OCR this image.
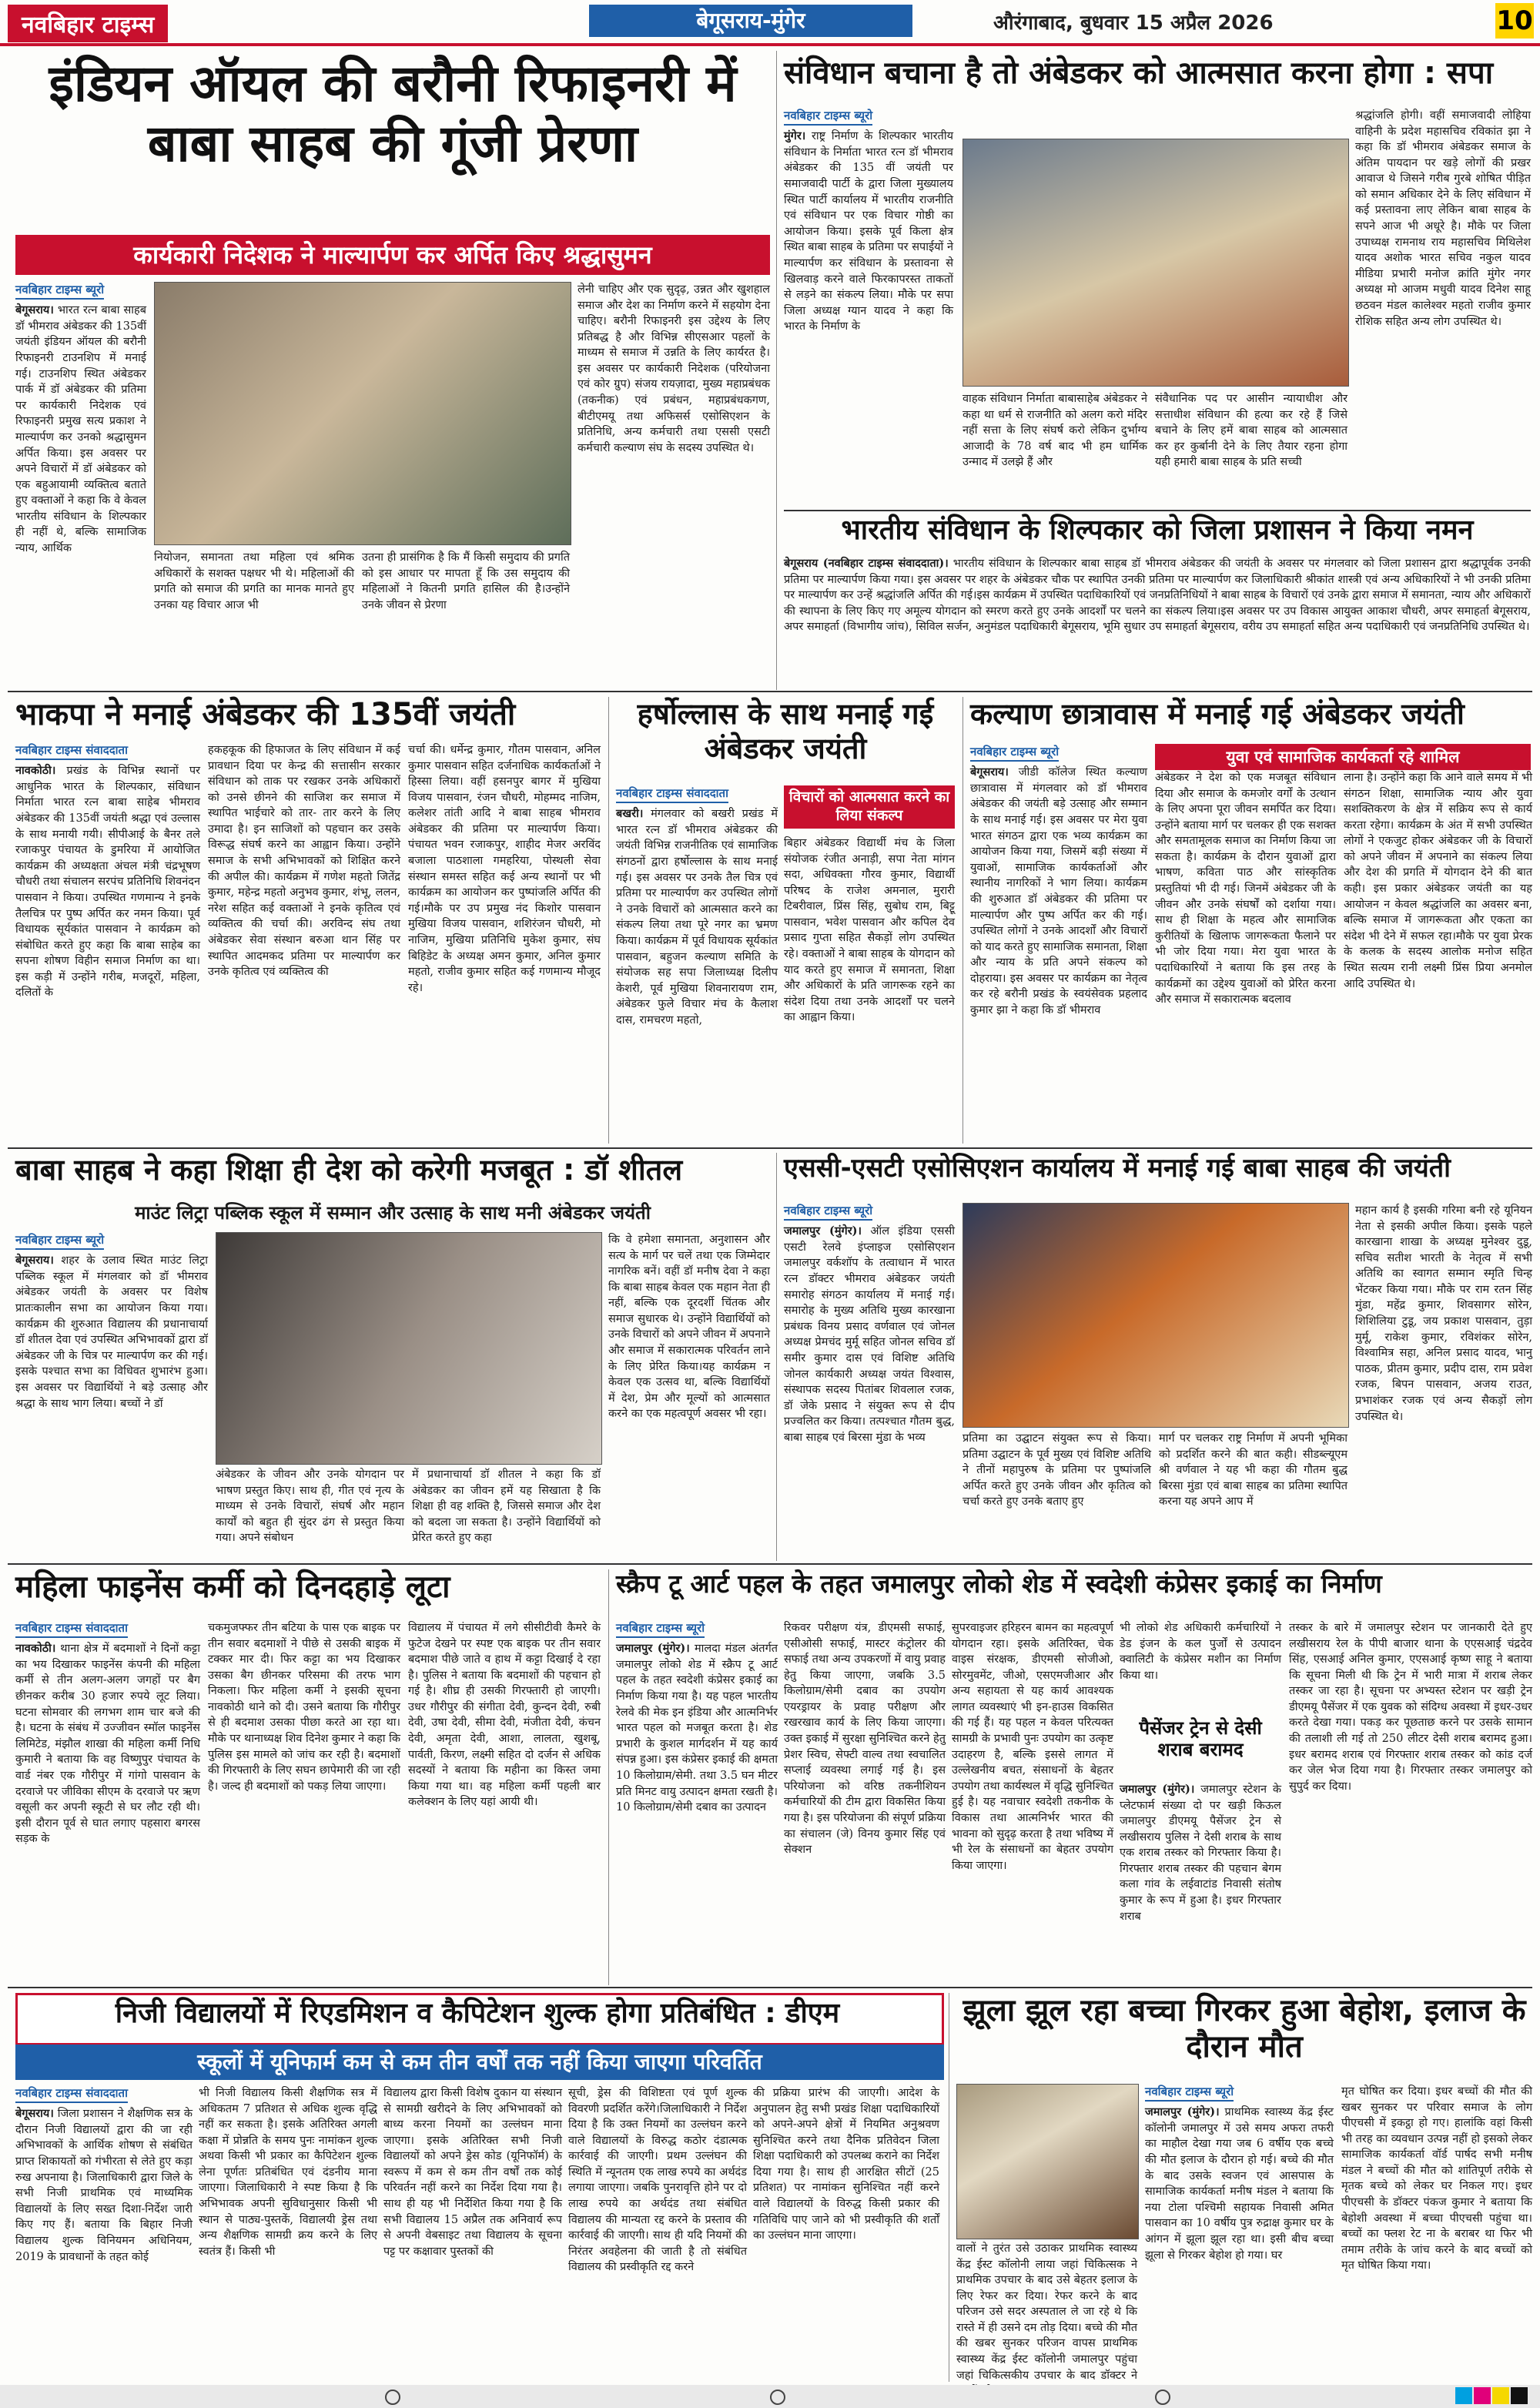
नवबिहार टाइम्स	बेगूसराय-मुंगेर	औरंगाबाद, बुधवार 15 अप्रैल 2026	10
इंडियन ऑयल की बरौनी रिफाइनरी में बाबा साहब की गूंजी प्रेरणा
कार्यकारी निदेशक ने माल्यार्पण कर अर्पित किए श्रद्धासुमन
नवबिहार टाइम्स ब्यूरो
बेगूसराय। भारत रत्न बाबा साहब डॉ भीमराव अंबेडकर की 135वीं जयंती इंडियन ऑयल की बरौनी रिफाइनरी टाउनशिप में मनाई गई। टाउनशिप स्थित अंबेडकर पार्क में डॉ अंबेडकर की प्रतिमा पर कार्यकारी निदेशक एवं रिफाइनरी प्रमुख सत्य प्रकाश ने माल्यार्पण कर उनको श्रद्धासुमन अर्पित किया। इस अवसर पर अपने विचारों में डॉ अंबेडकर को एक बहुआयामी व्यक्तित्व बताते हुए वक्ताओं ने कहा कि वे केवल भारतीय संविधान के शिल्पकार ही नहीं थे, बल्कि सामाजिक न्याय, आर्थिक
नियोजन, समानता तथा महिला एवं श्रमिक अधिकारों के सशक्त पक्षधर भी थे। महिलाओं की प्रगति को समाज की प्रगति का मानक मानते हुए उनका यह विचार आज भी
उतना ही प्रासंगिक है कि मैं किसी समुदाय की प्रगति को इस आधार पर मापता हूँ कि उस समुदाय की महिलाओं ने कितनी प्रगति हासिल की है।उन्होंने उनके जीवन से प्रेरणा
लेनी चाहिए और एक सुदृढ़, उन्नत और खुशहाल समाज और देश का निर्माण करने में सहयोग देना चाहिए। बरौनी रिफाइनरी इस उद्देश्य के लिए प्रतिबद्ध है और विभिन्न सीएसआर पहलों के माध्यम से समाज में उन्नति के लिए कार्यरत है। इस अवसर पर कार्यकारी निदेशक (परियोजना एवं कोर ग्रुप) संजय रायज़ादा, मुख्य महाप्रबंधक (तकनीक) एवं प्रबंधन, महाप्रबंधकगण, बीटीएमयू तथा अफिसर्स एसोसिएशन के प्रतिनिधि, अन्य कर्मचारी तथा एससी एसटी कर्मचारी कल्याण संघ के सदस्य उपस्थित थे।
संविधान बचाना है तो अंबेडकर को आत्मसात करना होगा : सपा
नवबिहार टाइम्स ब्यूरो
मुंगेर। राष्ट्र निर्माण के शिल्पकार भारतीय संविधान के निर्माता भारत रत्न डॉ भीमराव अंबेडकर की 135 वीं जयंती पर समाजवादी पार्टी के द्वारा जिला मुख्यालय स्थित पार्टी कार्यालय में भारतीय राजनीति एवं संविधान पर एक विचार गोष्ठी का आयोजन किया। इसके पूर्व किला क्षेत्र स्थित बाबा साहब के प्रतिमा पर सपाईयों ने माल्यार्पण कर संविधान के प्रस्तावना से खिलवाड़ करने वाले फिरकापरस्त ताकतों से लड़ने का संकल्प लिया। मौके पर सपा जिला अध्यक्ष ग्यान यादव ने कहा कि भारत के निर्माण के
वाहक संविधान निर्माता बाबासाहेब अंबेडकर ने कहा था धर्म से राजनीति को अलग करो मंदिर नहीं सत्ता के लिए संघर्ष करो लेकिन दुर्भाग्य आजादी के 78 वर्ष बाद भी हम धार्मिक उन्माद में उलझे हैं और
संवैधानिक पद पर आसीन न्यायाधीश और सत्ताधीश संविधान की हत्या कर रहे हैं जिसे बचाने के लिए हमें बाबा साहब को आत्मसात कर हर कुर्बानी देने के लिए तैयार रहना होगा यही हमारी बाबा साहब के प्रति सच्ची
श्रद्धांजलि होगी। वहीं समाजवादी लोहिया वाहिनी के प्रदेश महासचिव रविकांत झा ने कहा कि डॉ भीमराव अंबेडकर समाज के अंतिम पायदान पर खड़े लोगों की प्रखर आवाज थे जिसने गरीब गुरबे शोषित पीड़ित को समान अधिकार देने के लिए संविधान में कई प्रस्तावना लाए लेकिन बाबा साहब के सपने आज भी अधूरे है। मौके पर जिला उपाध्यक्ष रामनाथ राय महासचिव मिथिलेश यादव अशोक भारत सचिव नकुल यादव मीडिया प्रभारी मनोज क्रांति मुंगेर नगर अध्यक्ष मो आजम मधुवी यादव दिनेश साहू छठवन मंडल कालेश्वर महतो राजीव कुमार रोशिक सहित अन्य लोग उपस्थित थे।
भारतीय संविधान के शिल्पकार को जिला प्रशासन ने किया नमन
बेगूसराय (नवबिहार टाइम्स संवाददाता)। भारतीय संविधान के शिल्पकार बाबा साहब डॉ भीमराव अंबेडकर की जयंती के अवसर पर मंगलवार को जिला प्रशासन द्वारा श्रद्धापूर्वक उनकी प्रतिमा पर माल्यार्पण किया गया। इस अवसर पर शहर के अंबेडकर चौक पर स्थापित उनकी प्रतिमा पर माल्यार्पण कर जिलाधिकारी श्रीकांत शास्त्री एवं अन्य अधिकारियों ने भी उनकी प्रतिमा पर माल्यार्पण कर उन्हें श्रद्धांजलि अर्पित की गई।इस कार्यक्रम में उपस्थित पदाधिकारियों एवं जनप्रतिनिधियों ने बाबा साहब के विचारों एवं उनके द्वारा समाज में समानता, न्याय और अधिकारों की स्थापना के लिए किए गए अमूल्य योगदान को स्मरण करते हुए उनके आदर्शों पर चलने का संकल्प लिया।इस अवसर पर उप विकास आयुक्त आकाश चौधरी, अपर समाहर्ता बेगूसराय, अपर समाहर्ता (विभागीय जांच), सिविल सर्जन, अनुमंडल पदाधिकारी बेगूसराय, भूमि सुधार उप समाहर्ता बेगूसराय, वरीय उप समाहर्ता सहित अन्य पदाधिकारी एवं जनप्रतिनिधि उपस्थित थे।
भाकपा ने मनाई अंबेडकर की 135वीं जयंती
नवबिहार टाइम्स संवाददाता
नावकोठी। प्रखंड के विभिन्न स्थानों पर आधुनिक भारत के शिल्पकार, संविधान निर्माता भारत रत्न बाबा साहेब भीमराव अंबेडकर की 135वीं जयंती श्रद्धा एवं उल्लास के साथ मनायी गयी। सीपीआई के बैनर तले रजाकपुर पंचायत के डुमरिया में आयोजित कार्यक्रम की अध्यक्षता अंचल मंत्री चंद्रभूषण चौधरी तथा संचालन सरपंच प्रतिनिधि शिवनंदन पासवान ने किया। उपस्थित गणमान्य ने इनके तैलचित्र पर पुष्प अर्पित कर नमन किया। पूर्व विधायक सूर्यकांत पासवान ने कार्यक्रम को संबोधित करते हुए कहा कि बाबा साहेब का सपना शोषण विहीन समाज निर्माण का था। इस कड़ी में उन्होंने गरीब, मजदूरों, महिला, दलितों के
हकहकूक की हिफाजत के लिए संविधान में कई प्रावधान दिया पर केन्द्र की सत्तासीन सरकार संविधान को ताक पर रखकर उनके अधिकारों को उनसे छीनने की साजिश कर समाज में स्थापित भाईचारे को तार- तार करने के लिए उमादा है। इन साजिशों को पहचान कर उसके विरूद्ध संघर्ष करने का आह्वान किया। उन्होंने समाज के सभी अभिभावकों को शिक्षित करने की अपील की। कार्यक्रम में गणेश महतो जितेंद्र कुमार, महेन्द्र महतो अनुभव कुमार, शंभू, ललन, नरेश सहित कई वक्ताओं ने इनके कृतित्व एवं व्यक्तित्व की चर्चा की। अरविन्द संघ तथा अंबेडकर सेवा संस्थान बरुआ थान सिंह पर स्थापित आदमकद प्रतिमा पर माल्यार्पण कर उनके कृतित्व एवं व्यक्तित्व की
चर्चा की। धर्मेन्द्र कुमार, गौतम पासवान, अनिल कुमार पासवान सहित दर्जनाधिक कार्यकर्ताओं ने हिस्सा लिया। वहीं हसनपुर बागर में मुखिया विजय पासवान, रंजन चौधरी, मोहम्मद नाजिम, कलेशर तांती आदि ने बाबा साहब भीमराव अंबेडकर की प्रतिमा पर माल्यार्पण किया। पंचायत भवन रजाकपुर, शाहीद मेजर अरविंद बजाला पाठशाला गमहरिया, पोस्थली सेवा संस्थान समस्त सहित कई अन्य स्थानों पर भी कार्यक्रम का आयोजन कर पुष्पांजलि अर्पित की गई।मौके पर उप प्रमुख नंद किशोर पासवान मुखिया विजय पासवान, शशिरंजन चौधरी, मो नाजिम, मुखिया प्रतिनिधि मुकेश कुमार, संघ बिहिडेट के अध्यक्ष अमन कुमार, अनिल कुमार महतो, राजीव कुमार सहित कई गणमान्य मौजूद रहे।
हर्षोल्लास के साथ मनाई गई अंबेडकर जयंती
नवबिहार टाइम्स संवाददाता
बखरी। मंगलवार को बखरी प्रखंड में भारत रत्न डॉ भीमराव अंबेडकर की जयंती विभिन्न राजनीतिक एवं सामाजिक संगठनों द्वारा हर्षोल्लास के साथ मनाई गई। इस अवसर पर उनके तैल चित्र एवं प्रतिमा पर माल्यार्पण कर उपस्थित लोगों ने उनके विचारों को आत्मसात करने का संकल्प लिया तथा पूरे नगर का भ्रमण किया। कार्यक्रम में पूर्व विधायक सूर्यकांत पासवान, बहुजन कल्याण समिति के संयोजक सह सपा जिलाध्यक्ष दिलीप केशरी, पूर्व मुखिया शिवनारायण राम, अंबेडकर फुले विचार मंच के कैलाश दास, रामचरण महतो,
विचारों को आत्मसात करने का लिया संकल्प
बिहार अंबेडकर विद्यार्थी मंच के जिला संयोजक रंजीत अनाड़ी, सपा नेता मांगन सदा, अधिवक्ता गौरव कुमार, विद्यार्थी परिषद के राजेश अमनाल, मुरारी टिबरीवाल, प्रिंस सिंह, सुबोध राम, बिट्टू पासवान, भवेश पासवान और कपिल देव प्रसाद गुप्ता सहित सैकड़ों लोग उपस्थित रहे। वक्ताओं ने बाबा साहब के योगदान को याद करते हुए समाज में समानता, शिक्षा और अधिकारों के प्रति जागरूक रहने का संदेश दिया तथा उनके आदर्शों पर चलने का आह्वान किया।
कल्याण छात्रावास में मनाई गई अंबेडकर जयंती
युवा एवं सामाजिक कार्यकर्ता रहे शामिल
नवबिहार टाइम्स ब्यूरो
बेगूसराय। जीडी कॉलेज स्थित कल्याण छात्रावास में मंगलवार को डॉ भीमराव अंबेडकर की जयंती बड़े उत्साह और सम्मान के साथ मनाई गई। इस अवसर पर मेरा युवा भारत संगठन द्वारा एक भव्य कार्यक्रम का आयोजन किया गया, जिसमें बड़ी संख्या में युवाओं, सामाजिक कार्यकर्ताओं और स्थानीय नागरिकों ने भाग लिया। कार्यक्रम की शुरुआत डॉ अंबेडकर की प्रतिमा पर माल्यार्पण और पुष्प अर्पित कर की गई। उपस्थित लोगों ने उनके आदर्शों और विचारों को याद करते हुए सामाजिक समानता, शिक्षा और न्याय के प्रति अपने संकल्प को दोहराया। इस अवसर पर कार्यक्रम का नेतृत्व कर रहे बरौनी प्रखंड के स्वयंसेवक प्रहलाद कुमार झा ने कहा कि डॉ भीमराव
अंबेडकर ने देश को एक मजबूत संविधान दिया और समाज के कमजोर वर्गों के उत्थान के लिए अपना पूरा जीवन समर्पित कर दिया। उन्होंने बताया मार्ग पर चलकर ही एक सशक्त और समतामूलक समाज का निर्माण किया जा सकता है। कार्यक्रम के दौरान युवाओं द्वारा भाषण, कविता पाठ और सांस्कृतिक प्रस्तुतियां भी दी गई। जिनमें अंबेडकर जी के जीवन और उनके संघर्षों को दर्शाया गया। साथ ही शिक्षा के महत्व और सामाजिक कुरीतियों के खिलाफ जागरूकता फैलाने पर भी जोर दिया गया। मेरा युवा भारत के पदाधिकारियों ने बताया कि इस तरह के कार्यक्रमों का उद्देश्य युवाओं को प्रेरित करना और समाज में सकारात्मक बदलाव
लाना है। उन्होंने कहा कि आने वाले समय में भी संगठन शिक्षा, सामाजिक न्याय और युवा सशक्तिकरण के क्षेत्र में सक्रिय रूप से कार्य करता रहेगा। कार्यक्रम के अंत में सभी उपस्थित लोगों ने एकजुट होकर अंबेडकर जी के विचारों को अपने जीवन में अपनाने का संकल्प लिया और देश की प्रगति में योगदान देने की बात कही। इस प्रकार अंबेडकर जयंती का यह आयोजन न केवल श्रद्धांजलि का अवसर बना, बल्कि समाज में जागरूकता और एकता का संदेश भी देने में सफल रहा।मौके पर युवा प्रेरक के कलक के सदस्य आलोक मनोज सहित स्थित सत्यम रानी लक्ष्मी प्रिंस प्रिया अनमोल आदि उपस्थित थे।
बाबा साहब ने कहा शिक्षा ही देश को करेगी मजबूत : डॉ शीतल
माउंट लिट्रा पब्लिक स्कूल में सम्मान और उत्साह के साथ मनी अंबेडकर जयंती
नवबिहार टाइम्स ब्यूरो
बेगूसराय। शहर के उलाव स्थित माउंट लिट्रा पब्लिक स्कूल में मंगलवार को डॉ भीमराव अंबेडकर जयंती के अवसर पर विशेष प्रातःकालीन सभा का आयोजन किया गया। कार्यक्रम की शुरुआत विद्यालय की प्रधानाचार्या डॉ शीतल देवा एवं उपस्थित अभिभावकों द्वारा डॉ अंबेडकर जी के चित्र पर माल्यार्पण कर की गई। इसके पश्चात सभा का विधिवत शुभारंभ हुआ। इस अवसर पर विद्यार्थियों ने बड़े उत्साह और श्रद्धा के साथ भाग लिया। बच्चों ने डॉ
अंबेडकर के जीवन और उनके योगदान पर भाषण प्रस्तुत किए। साथ ही, गीत एवं नृत्य के माध्यम से उनके विचारों, संघर्ष और महान कार्यों को बहुत ही सुंदर ढंग से प्रस्तुत किया गया। अपने संबोधन
में प्रधानाचार्या डॉ शीतल ने कहा कि डॉ अंबेडकर का जीवन हमें यह सिखाता है कि शिक्षा ही वह शक्ति है, जिससे समाज और देश को बदला जा सकता है। उन्होंने विद्यार्थियों को प्रेरित करते हुए कहा
कि वे हमेशा समानता, अनुशासन और सत्य के मार्ग पर चलें तथा एक जिम्मेदार नागरिक बनें। वहीं डॉ मनीष देवा ने कहा कि बाबा साहब केवल एक महान नेता ही नहीं, बल्कि एक दूरदर्शी चिंतक और समाज सुधारक थे। उन्होंने विद्यार्थियों को उनके विचारों को अपने जीवन में अपनाने और समाज में सकारात्मक परिवर्तन लाने के लिए प्रेरित किया।यह कार्यक्रम न केवल एक उत्सव था, बल्कि विद्यार्थियों में देश, प्रेम और मूल्यों को आत्मसात करने का एक महत्वपूर्ण अवसर भी रहा।
एससी-एसटी एसोसिएशन कार्यालय में मनाई गई बाबा साहब की जयंती
नवबिहार टाइम्स ब्यूरो
जमालपुर (मुंगेर)। ऑल इंडिया एससी एसटी रेलवे इंप्लाइज एसोसिएशन जमालपुर वर्कशॉप के तत्वाधान में भारत रत्न डॉक्टर भीमराव अंबेडकर जयंती समारोह संगठन कार्यालय में मनाई गई। समारोह के मुख्य अतिथि मुख्य कारखाना प्रबंधक विनय प्रसाद वर्णवाल एवं जोनल अध्यक्ष प्रेमचंद मुर्मू सहित जोनल सचिव डॉ समीर कुमार दास एवं विशिष्ट अतिथि जोनल कार्यकारी अध्यक्ष जयंत विश्वास, संस्थापक सदस्य पितांबर शिवलाल रजक, डॉ जेके प्रसाद ने संयुक्त रूप से दीप प्रज्वलित कर किया। तत्पश्चात गौतम बुद्ध, बाबा साहब एवं बिरसा मुंडा के भव्य	प्रतिमा का उद्घाटन संयुक्त रूप से किया। प्रतिमा उद्घाटन के पूर्व मुख्य एवं विशिष्ट अतिथि ने तीनों महापुरुष के प्रतिमा पर पुष्पांजलि अर्पित करते हुए उनके जीवन और कृतित्व को चर्चा करते हुए उनके बताए हुए
मार्ग पर चलकर राष्ट्र निर्माण में अपनी भूमिका को प्रदर्शित करने की बात कही। सीडब्ल्यूएम श्री वर्णवाल ने यह भी कहा की गौतम बुद्ध बिरसा मुंडा एवं बाबा साहब का प्रतिमा स्थापित करना यह अपने आप में
महान कार्य है इसकी गरिमा बनी रहे यूनियन नेता से इसकी अपील किया। इसके पहले कारखाना शाखा के अध्यक्ष मुनेश्वर दुडू, सचिव सतीश भारती के नेतृत्व में सभी अतिथि का स्वागत सम्मान स्मृति चिन्ह भेंटकर किया गया। मौके पर राम रतन सिंह मुंडा, महेंद्र कुमार, शिवसागर सोरेन, शिशिलिया टुडू, जय प्रकाश पासवान, तुड़ा मुर्मू, राकेश कुमार, रविशंकर सोरेन, विश्वामित्र सहा, अनिल प्रसाद यादव, भानु पाठक, प्रीतम कुमार, प्रदीप दास, राम प्रवेश रजक, बिपन पासवान, अजय राउत, प्रभाशंकर रजक एवं अन्य सैकड़ों लोग उपस्थित थे।
महिला फाइनेंस कर्मी को दिनदहाड़े लूटा
नवबिहार टाइम्स संवाददाता
नावकोठी। थाना क्षेत्र में बदमाशों ने दिनों कट्टा का भय दिखाकर फाइनेंस कंपनी की महिला कर्मी से तीन अलग-अलग जगहों पर बैग छीनकर करीब 30 हजार रुपये लूट लिया। घटना सोमवार की लगभग शाम चार बजे की है। घटना के संबंध में उज्जीवन स्मॉल फाइनेंस लिमिटेड, मंझौल शाखा की महिला कर्मी निधि कुमारी ने बताया कि वह विष्णुपुर पंचायत के वार्ड नंबर एक गौरीपुर में गांगो पासवान के दरवाजे पर जीविका सीएम के दरवाजे पर ऋण वसूली कर अपनी स्कूटी से घर लौट रही थी। इसी दौरान पूर्व से घात लगाए पहसारा बगरस सड़क के
चकमुजफ्फर तीन बटिया के पास एक बाइक पर तीन सवार बदमाशों ने पीछे से उसकी बाइक में टक्कर मार दी। फिर कट्टा का भय दिखाकर उसका बैग छीनकर परिसमा की तरफ भाग निकला। फिर महिला कर्मी ने इसकी सूचना नावकोठी थाने को दी। उसने बताया कि गौरीपुर से ही बदमाश उसका पीछा करते आ रहा था। मौके पर थानाध्यक्ष शिव दिनेश कुमार ने कहा कि पुलिस इस मामले को जांच कर रही है। बदमाशों की गिरफ्तारी के लिए सघन छापेमारी की जा रही है। जल्द ही बदमाशों को पकड़ लिया जाएगा।
विद्यालय में पंचायत में लगे सीसीटीवी कैमरे के फुटेज देखने पर स्पष्ट एक बाइक पर तीन सवार बदमाश पीछे जाते व हाथ में कट्टा दिखाई दे रहा है। पुलिस ने बताया कि बदमाशों की पहचान हो गई है। शीघ्र ही उसकी गिरफ्तारी हो जाएगी। उधर गौरीपुर की संगीता देवी, कुन्दन देवी, रुबी देवी, उषा देवी, सीमा देवी, मंजीता देवी, कंचन देवी, अमृता देवी, आशा, लालता, खुशबू, पार्वती, किरण, लक्ष्मी सहित दो दर्जन से अधिक सदस्यों ने बताया कि महीना का किस्त जमा किया गया था। वह महिला कर्मी पहली बार कलेक्शन के लिए यहां आयी थी।
स्क्रैप टू आर्ट पहल के तहत जमालपुर लोको शेड में स्वदेशी कंप्रेसर इकाई का निर्माण
नवबिहार टाइम्स ब्यूरो
जमालपुर (मुंगेर)। मालदा मंडल अंतर्गत जमालपुर लोको शेड में स्क्रैप टू आर्ट पहल के तहत स्वदेशी कंप्रेसर इकाई का निर्माण किया गया है। यह पहल भारतीय रेलवे की मेक इन इंडिया और आत्मनिर्भर भारत पहल को मजबूत करता है। शेड प्रभारी के कुशल मार्गदर्शन में यह कार्य संपन्न हुआ। इस कंप्रेसर इकाई की क्षमता 10 किलोग्राम/सेमी. तथा 3.5 घन मीटर प्रति मिनट वायु उत्पादन क्षमता रखती है। 10 किलोग्राम/सेमी दबाव का उत्पादन
रिकवर परीक्षण यंत्र, डीएमसी सफाई, एसीओसी सफाई, मास्टर कंट्रोलर की सफाई तथा अन्य उपकरणों में वायु प्रवाह हेतु किया जाएगा, जबकि 3.5 किलोग्राम/सेमी दबाव का उपयोग एयरड्रायर के प्रवाह परीक्षण और रखरखाव कार्य के लिए किया जाएगा। उक्त इकाई में सुरक्षा सुनिश्चित करने हेतु प्रेशर स्विच, सेफ्टी वाल्व तथा स्वचालित सप्लाई व्यवस्था लगाई गई है। इस परियोजना को वरिष्ठ तकनीशियन कर्मचारियों की टीम द्वारा विकसित किया गया है। इस परियोजना की संपूर्ण प्रक्रिया का संचालन (जे) विनय कुमार सिंह एवं सेक्शन
सुपरवाइजर हरिहरन बामन का महत्वपूर्ण योगदान रहा। इसके अतिरिक्त, चेक वाइस संरक्षक, डीएमसी सोजीओ, सोरमुवमेंट, जीओ, एसएमजीआर और अन्य सहायता से यह कार्य आवश्यक लागत व्यवस्थाएं भी इन-हाउस विकसित की गई हैं। यह पहल न केवल परित्यक्त सामग्री के प्रभावी पुनः उपयोग का उत्कृष्ट उदाहरण है, बल्कि इससे लागत में उल्लेखनीय बचत, संसाधनों के बेहतर उपयोग तथा कार्यस्थल में वृद्धि सुनिश्चित हुई है। यह नवाचार स्वदेशी तकनीक के विकास तथा आत्मनिर्भर भारत की भावना को सुदृढ़ करता है तथा भविष्य में भी रेल के संसाधनों का बेहतर उपयोग किया जाएगा।
भी लोको शेड अधिकारी कर्मचारियों ने डेड इंजन के कल पुर्जों से उत्पादन क्वालिटी के कंप्रेसर मशीन का निर्माण किया था।
पैसेंजर ट्रेन से देसी शराब बरामद
जमालपुर (मुंगेर)। जमालपुर स्टेशन के प्लेटफार्म संख्या दो पर खड़ी किऊल जमालपुर डीएमयू पैसेंजर ट्रेन से लखीसराय पुलिस ने देसी शराब के साथ एक शराब तस्कर को गिरफ्तार किया है। गिरफ्तार शराब तस्कर की पहचान बेगम कला गांव के लईवाटांड निवासी संतोष कुमार के रूप में हुआ है। इधर गिरफ्तार शराब
तस्कर के बारे में जमालपुर स्टेशन पर जानकारी देते हुए लखीसराय रेल के पीपी बाजार थाना के एएसआई चंद्रदेव सिंह, एसआई अनिल कुमार, एएसआई कृष्ण साहू ने बताया कि सूचना मिली थी कि ट्रेन में भारी मात्रा में शराब लेकर तस्कर जा रहा है। सूचना पर अभ्यस्त स्टेशन पर खड़ी ट्रेन डीएमयू पैसेंजर में एक युवक को संदिग्ध अवस्था में इधर-उधर करते देखा गया। पकड़ कर पूछताछ करने पर उसके सामान की तलाशी ली गई तो 250 लीटर देसी शराब बरामद हुआ। इधर बरामद शराब एवं गिरफ्तार शराब तस्कर को कांड दर्ज कर जेल भेज दिया गया है। गिरफ्तार तस्कर जमालपुर को सुपुर्द कर दिया।
निजी विद्यालयों में रिएडमिशन व कैपिटेशन शुल्क होगा प्रतिबंधित : डीएम
स्कूलों में यूनिफार्म कम से कम तीन वर्षों तक नहीं किया जाएगा परिवर्तित
नवबिहार टाइम्स संवाददाता
बेगूसराय। जिला प्रशासन ने शैक्षणिक सत्र के दौरान निजी विद्यालयों द्वारा की जा रही अभिभावकों के आर्थिक शोषण से संबंधित प्राप्त शिकायतों को गंभीरता से लेते हुए कड़ा रुख अपनाया है। जिलाधिकारी द्वारा जिले के सभी निजी प्राथमिक एवं माध्यमिक विद्यालयों के लिए सख्त दिशा-निर्देश जारी किए गए हैं। बताया कि बिहार निजी विद्यालय शुल्क विनियमन अधिनियम, 2019 के प्रावधानों के तहत कोई
भी निजी विद्यालय किसी शैक्षणिक सत्र में अधिकतम 7 प्रतिशत से अधिक शुल्क वृद्धि नहीं कर सकता है। इसके अतिरिक्त अगली कक्षा में प्रोन्नति के समय पुनः नामांकन शुल्क अथवा किसी भी प्रकार का कैपिटेशन शुल्क लेना पूर्णतः प्रतिबंधित एवं दंडनीय माना जाएगा। जिलाधिकारी ने स्पष्ट किया है कि अभिभावक अपनी सुविधानुसार किसी भी स्थान से पाठ्य-पुस्तकें, विद्यालयी ड्रेस तथा अन्य शैक्षणिक सामग्री क्रय करने के लिए स्वतंत्र हैं। किसी भी
विद्यालय द्वारा किसी विशेष दुकान या संस्थान से सामग्री खरीदने के लिए अभिभावकों को बाध्य करना नियमों का उल्लंघन माना जाएगा। इसके अतिरिक्त सभी निजी विद्यालयों को अपने ड्रेस कोड (यूनिफॉर्म) के स्वरूप में कम से कम तीन वर्षों तक कोई परिवर्तन नहीं करने का निर्देश दिया गया है। साथ ही यह भी निर्देशित किया गया है कि सभी विद्यालय 15 अप्रैल तक अनिवार्य रूप से अपनी वेबसाइट तथा विद्यालय के सूचना पट्ट पर कक्षावार पुस्तकों की
सूची, ड्रेस की विशिष्टता एवं पूर्ण शुल्क विवरणी प्रदर्शित करेंगे।जिलाधिकारी ने निर्देश दिया है कि उक्त नियमों का उल्लंघन करने वाले विद्यालयों के विरुद्ध कठोर दंडात्मक कार्रवाई की जाएगी। प्रथम उल्लंघन की स्थिति में न्यूनतम एक लाख रुपये का अर्थदंड लगाया जाएगा। जबकि पुनरावृत्ति होने पर दो लाख रुपये का अर्थदंड तथा संबंधित विद्यालय की मान्यता रद्द करने के प्रस्ताव की कार्रवाई की जाएगी। साथ ही यदि नियमों की निरंतर अवहेलना की जाती है तो संबंधित विद्यालय की प्रस्वीकृति रद्द करने
की प्रक्रिया प्रारंभ की जाएगी। आदेश के अनुपालन हेतु सभी प्रखंड शिक्षा पदाधिकारियों को अपने-अपने क्षेत्रों में नियमित अनुश्रवण सुनिश्चित करने तथा दैनिक प्रतिवेदन जिला शिक्षा पदाधिकारी को उपलब्ध कराने का निर्देश दिया गया है। साथ ही आरक्षित सीटों (25 प्रतिशत) पर नामांकन सुनिश्चित नहीं करने वाले विद्यालयों के विरुद्ध किसी प्रकार की गतिविधि पाए जाने को भी प्रस्वीकृति की शर्तों का उल्लंघन माना जाएगा।
झूला झूल रहा बच्चा गिरकर हुआ बेहोश, इलाज के दौरान मौत
वालों ने तुरंत उसे उठाकर प्राथमिक स्वास्थ्य केंद्र ईस्ट कॉलोनी लाया जहां चिकित्सक ने प्राथमिक उपचार के बाद उसे बेहतर इलाज के लिए रेफर कर दिया। रेफर करने के बाद परिजन उसे सदर अस्पताल ले जा रहे थे कि रास्ते में ही उसने दम तोड़ दिया। बच्चे की मौत की खबर सुनकर परिजन वापस प्राथमिक स्वास्थ्य केंद्र ईस्ट कॉलोनी जमालपुर पहुंचा जहां चिकित्सकीय उपचार के बाद डॉक्टर ने
नवबिहार टाइम्स ब्यूरो
जमालपुर (मुंगेर)। प्राथमिक स्वास्थ्य केंद्र ईस्ट कॉलोनी जमालपुर में उसे समय अफरा तफरी का माहौल देखा गया जब 6 वर्षीय एक बच्चे की मौत इलाज के दौरान हो गई। बच्चे की मौत के बाद उसके स्वजन एवं आसपास के सामाजिक कार्यकर्ता मनीष मंडल ने बताया कि नया टोला पश्चिमी सहायक निवासी अमित पासवान का 10 वर्षीय पुत्र रुद्राक्ष कुमार घर के आंगन में झूला झूल रहा था। इसी बीच बच्चा झूला से गिरकर बेहोश हो गया। घर
मृत घोषित कर दिया। इधर बच्चों की मौत की खबर सुनकर पर परिवार समाज के लोग पीएचसी में इकट्ठा हो गए। हालांकि वहां किसी भी तरह का व्यवधान उत्पन्न नहीं हो इसको लेकर सामाजिक कार्यकर्ता वॉर्ड पार्षद सभी मनीष मंडल ने बच्चों की मौत को शांतिपूर्ण तरीके से मृतक बच्चे को लेकर घर निकल गए। इधर पीएचसी के डॉक्टर पंकज कुमार ने बताया कि बेहोशी अवस्था में बच्चा पीएचसी पहुंचा था। बच्चों का फ्लश रेट ना के बराबर था फिर भी तमाम तरीके के जांच करने के बाद बच्चों को मृत घोषित किया गया।
